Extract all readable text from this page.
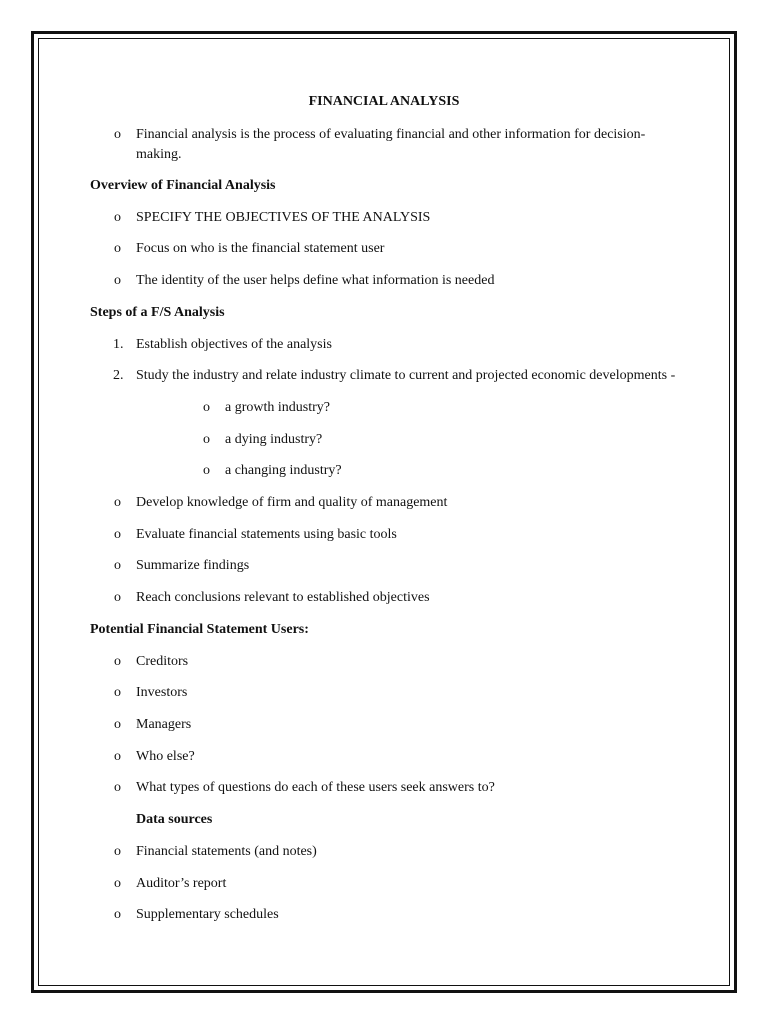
FINANCIAL ANALYSIS
o Financial analysis is the process of evaluating financial and other information for decision-
making.
Overview of Financial Analysis
o SPECIFY THE OBJECTIVES OF THE ANALYSIS
o Focus on who is the financial statement user
o The identity of the user helps define what information is needed
Steps of a F/S Analysis
1. Establish objectives of the analysis
2. Study the industry and relate industry climate to current and projected economic developments -
o a growth industry?
o a dying industry?
o a changing industry?
o Develop knowledge of firm and quality of management
o Evaluate financial statements using basic tools
o Summarize findings
o Reach conclusions relevant to established objectives
Potential Financial Statement Users:
o Creditors
o Investors
o Managers
o Who else?
o What types of questions do each of these users seek answers to?
Data sources
o Financial statements (and notes)
o Auditor’s report
o Supplementary schedules
